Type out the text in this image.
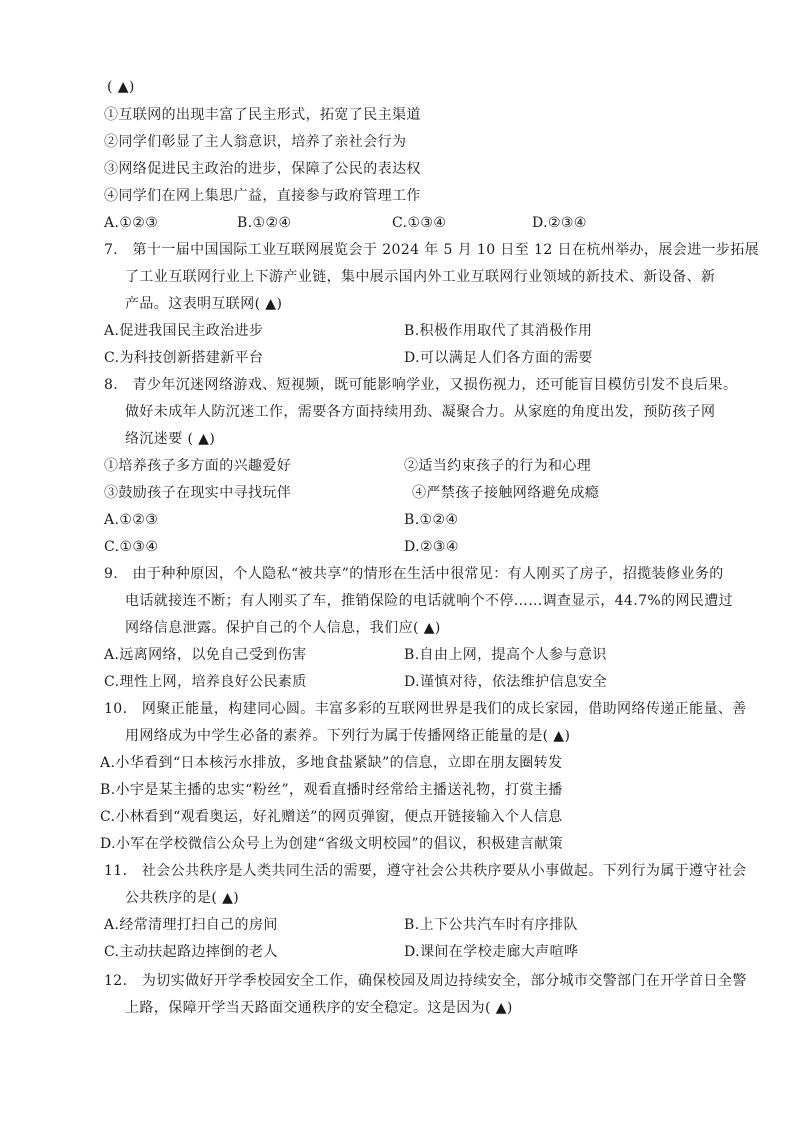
( ▲)
①互联网的出现丰富了民主形式，拓宽了民主渠道
②同学们彰显了主人翁意识，培养了亲社会行为
③网络促进民主政治的进步，保障了公民的表达权
④同学们在网上集思广益，直接参与政府管理工作
A.①②③	B.①②④	C.①③④	D.②③④
7.　第十一届中国国际工业互联网展览会于 2024 年 5 月 10 日至 12 日在杭州举办，展会进一步拓展
了工业互联网行业上下游产业链，集中展示国内外工业互联网行业领域的新技术、新设备、新
产品。这表明互联网( ▲)
A.促进我国民主政治进步	B.积极作用取代了其消极作用
C.为科技创新搭建新平台	D.可以满足人们各方面的需要
8.　青少年沉迷网络游戏、短视频，既可能影响学业，又损伤视力，还可能盲目模仿引发不良后果。
做好未成年人防沉迷工作，需要各方面持续用劲、凝聚合力。从家庭的角度出发，预防孩子网
络沉迷要 ( ▲)
①培养孩子多方面的兴趣爱好	②适当约束孩子的行为和心理
③鼓励孩子在现实中寻找玩伴	④严禁孩子接触网络避免成瘾
A.①②③	B.①②④
C.①③④	D.②③④
9.　由于种种原因，个人隐私“被共享”的情形在生活中很常见：有人刚买了房子，招揽装修业务的
电话就接连不断；有人刚买了车，推销保险的电话就响个不停……调查显示，44.7%的网民遭过
网络信息泄露。保护自己的个人信息，我们应( ▲)
A.远离网络，以免自己受到伤害	B.自由上网，提高个人参与意识
C.理性上网，培养良好公民素质	D.谨慎对待，依法维护信息安全
10.　网聚正能量，构建同心圆。丰富多彩的互联网世界是我们的成长家园，借助网络传递正能量、善
用网络成为中学生必备的素养。下列行为属于传播网络正能量的是( ▲)
A.小华看到“日本核污水排放，多地食盐紧缺”的信息，立即在朋友圈转发
B.小宇是某主播的忠实“粉丝”，观看直播时经常给主播送礼物，打赏主播
C.小林看到“观看奥运，好礼赠送”的网页弹窗，便点开链接输入个人信息
D.小军在学校微信公众号上为创建“省级文明校园”的倡议，积极建言献策
11.　社会公共秩序是人类共同生活的需要，遵守社会公共秩序要从小事做起。下列行为属于遵守社会
公共秩序的是( ▲)
A.经常清理打扫自己的房间	B.上下公共汽车时有序排队
C.主动扶起路边摔倒的老人	D.课间在学校走廊大声喧哗
12.　为切实做好开学季校园安全工作，确保校园及周边持续安全，部分城市交警部门在开学首日全警
上路，保障开学当天路面交通秩序的安全稳定。这是因为( ▲)
